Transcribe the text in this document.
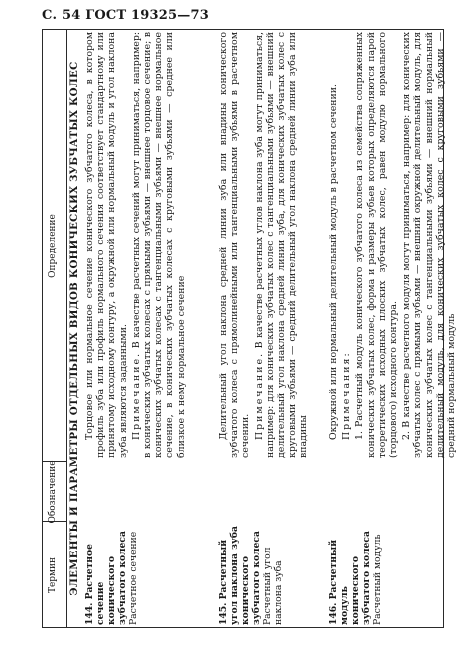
С. 54 ГОСТ 19325—73
Термин
Обозначение
Определение ЭЛЕМЕНТЫ И ПАРАМЕТРЫ ОТДЕЛЬНЫХ ВИДОВ КОНИЧЕСКИХ ЗУБЧАТЫХ КОЛЕС 144. Расчетное сечение конического зубчатого колеса
Расчетное сечение

Торцовое или нормальное сечение конического зубчатого колеса, в котором профиль зуба или профиль нормального сечения соответствует стандартному или принятому исходному контуру, а окружной или нормальный модуль и угол наклона зуба являются заданными. Примечание. В качестве расчетных сечений могут приниматься, например: в конических зубчатых колесах с прямыми зубьями — внешнее торцовое сечение; в конических зубчатых колесах с тангенциальными зубьями — внешнее нормальное сечение, в конических зубчатых колесах с круговыми зубьями — среднее или близкое к нему нормальное сечение

145. Расчетный угол наклона зуба конического зубчатого колеса
Расчетный угол наклона зуба

Делительный угол наклона средней линии зуба или впадины конического зубчатого колеса с прямолинейными или тангенциальными зубьями в расчетном сечении. Примечание. В качестве расчетных углов наклона зуба могут приниматься, например: для конических зубчатых колес с тангенциальными зубьями — внешний делительный угол наклона средней линии зуба, для конических зубчатых колес с круговыми зубьями — средний делительный угол наклона средней линии зуба или впадины

146. Расчетный модуль конического зубчатого колеса
Расчетный модуль

Окружной или нормальный делительный модуль в расчетном сечении. Примечания: 1. Расчетный модуль конического зубчатого колеса из семейства сопряженных конических зубчатых колес, форма и размеры зубьев которых определяются парой теоретических исходных плоских зубчатых колес, равен модулю нормального (торцового) исходного контура. 2. В качестве расчетного модуля могут приниматься, например: для конических зубчатых колес с прямыми зубьями — внешний окружной делительный модуль, для конических зубчатых колес с тангенциальными зубьями — внешний нормальный делительный модуль, для конических зубчатых колес с круговыми зубьями — средний нормальный модуль
